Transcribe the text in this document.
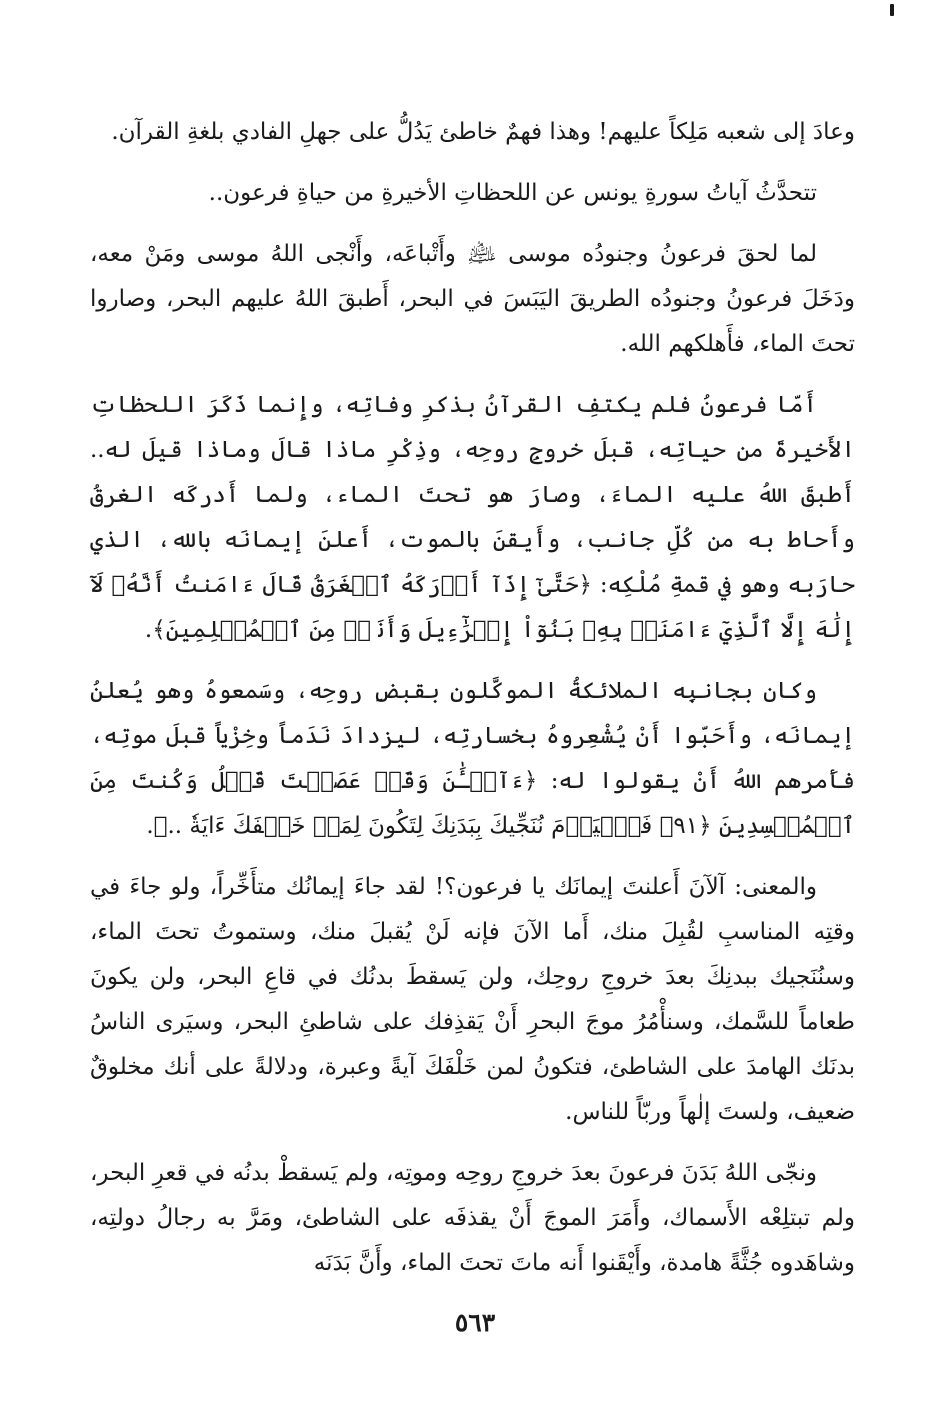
وعادَ إلى شعبه مَلِكاً عليهم! وهذا فهمٌ خاطئ يَدُلُّ على جهلِ الفادي بلغةِ القرآن.

تتحدَّثُ آياتُ سورةِ يونس عن اللحظاتِ الأخيرةِ من حياةِ فرعون..

لما لحقَ فرعونُ وجنودُه موسى ﵇ وأَتْباعَه، وأَنْجى اللهُ موسى ومَنْ معه، ودَخَلَ فرعونُ وجنودُه الطريقَ اليَبَسَ في البحر، أَطبقَ اللهُ عليهم البحر، وصاروا تحتَ الماء، فأَهلكهم الله.

أَمّا فرعونُ فلم يكتفِ القرآنُ بذكرِ وفاتِه، وإِنما ذَكَرَ اللحظاتِ الأَخيرةَ من حياتِه، قبلَ خروجِ روحِه، وذِكْرِ ماذا قالَ وماذا قيلَ له.. أَطبقَ اللهُ عليه الماءَ، وصارَ هو تحتَ الماء، ولما أَدركَه الغرقُ وأَحاط به من كُلِّ جانب، وأَيقنَ بالموت، أَعلنَ إيمانَه بالله، الذي حارَبه وهو في قمةِ مُلْكِه: ﴿حَتَّىٰٓ إِذَآ أَدۡرَكَهُ ٱلۡغَرَقُ قَالَ ءَامَنتُ أَنَّهُۥ لَآ إِلَٰهَ إِلَّا ٱلَّذِيٓ ءَامَنَتۡ بِهِۦ بَنُوٓاْ إِسۡرَٰٓءِيلَ وَأَنَا۠ مِنَ ٱلۡمُسۡلِمِينَ﴾.

وكان بجانبِه الملائكةُ الموكَّلون بقبضِ روحِه، وسَمعوهُ وهو يُعلنُ إيمانَه، وأَحَبّوا أَنْ يُشْعِروهُ بخسارتِه، ليزدادَ نَدَماً وخِزْياً قبلَ موتِه، فأَمرهم اللهُ أَنْ يقولوا له: ﴿ءَآلۡـَٰٔنَ وَقَدۡ عَصَيۡتَ قَبۡلُ وَكُنتَ مِنَ ٱلۡمُفۡسِدِينَ ﴿٩١﴾ فَٱلۡيَوۡمَ نُنَجِّيكَ بِبَدَنِكَ لِتَكُونَ لِمَنۡ خَلۡفَكَ ءَايَةٗ ..﴾.

والمعنى: آلآنَ أَعلنتَ إيمانَك يا فرعون؟! لقد جاءَ إيمانُك متأَخِّراً، ولو جاءَ في وقتِه المناسبِ لقُبِلَ منك، أَما الآنَ فإنه لَنْ يُقبلَ منك، وستموتُ تحتَ الماء، وسنُنَجيك ببدنِكَ بعدَ خروجِ روحِك، ولن يَسقطَ بدنُك في قاعِ البحر، ولن يكونَ طعاماً للسَّمك، وسنأْمُرُ موجَ البحرِ أَنْ يَقذِفك على شاطئِ البحر، وسيَرى الناسُ بدنَك الهامدَ على الشاطئ، فتكونُ لمن خَلْفَكَ آيةً وعبرة، ودلالةً على أنك مخلوقٌ ضعيف، ولستَ إلٰهاً وربّاً للناس.

ونجّى اللهُ بَدَنَ فرعونَ بعدَ خروجِ روحِه وموتِه، ولم يَسقطْ بدنُه في قعرِ البحر، ولم تبتلِعْه الأَسماك، وأَمَرَ الموجَ أَنْ يقذفَه على الشاطئ، ومَرَّ به رجالُ دولتِه، وشاهَدوه جُثَّةً هامدة، وأَيْقَنوا أَنه ماتَ تحتَ الماء، وأَنَّ بَدَنَه

٥٦٣
